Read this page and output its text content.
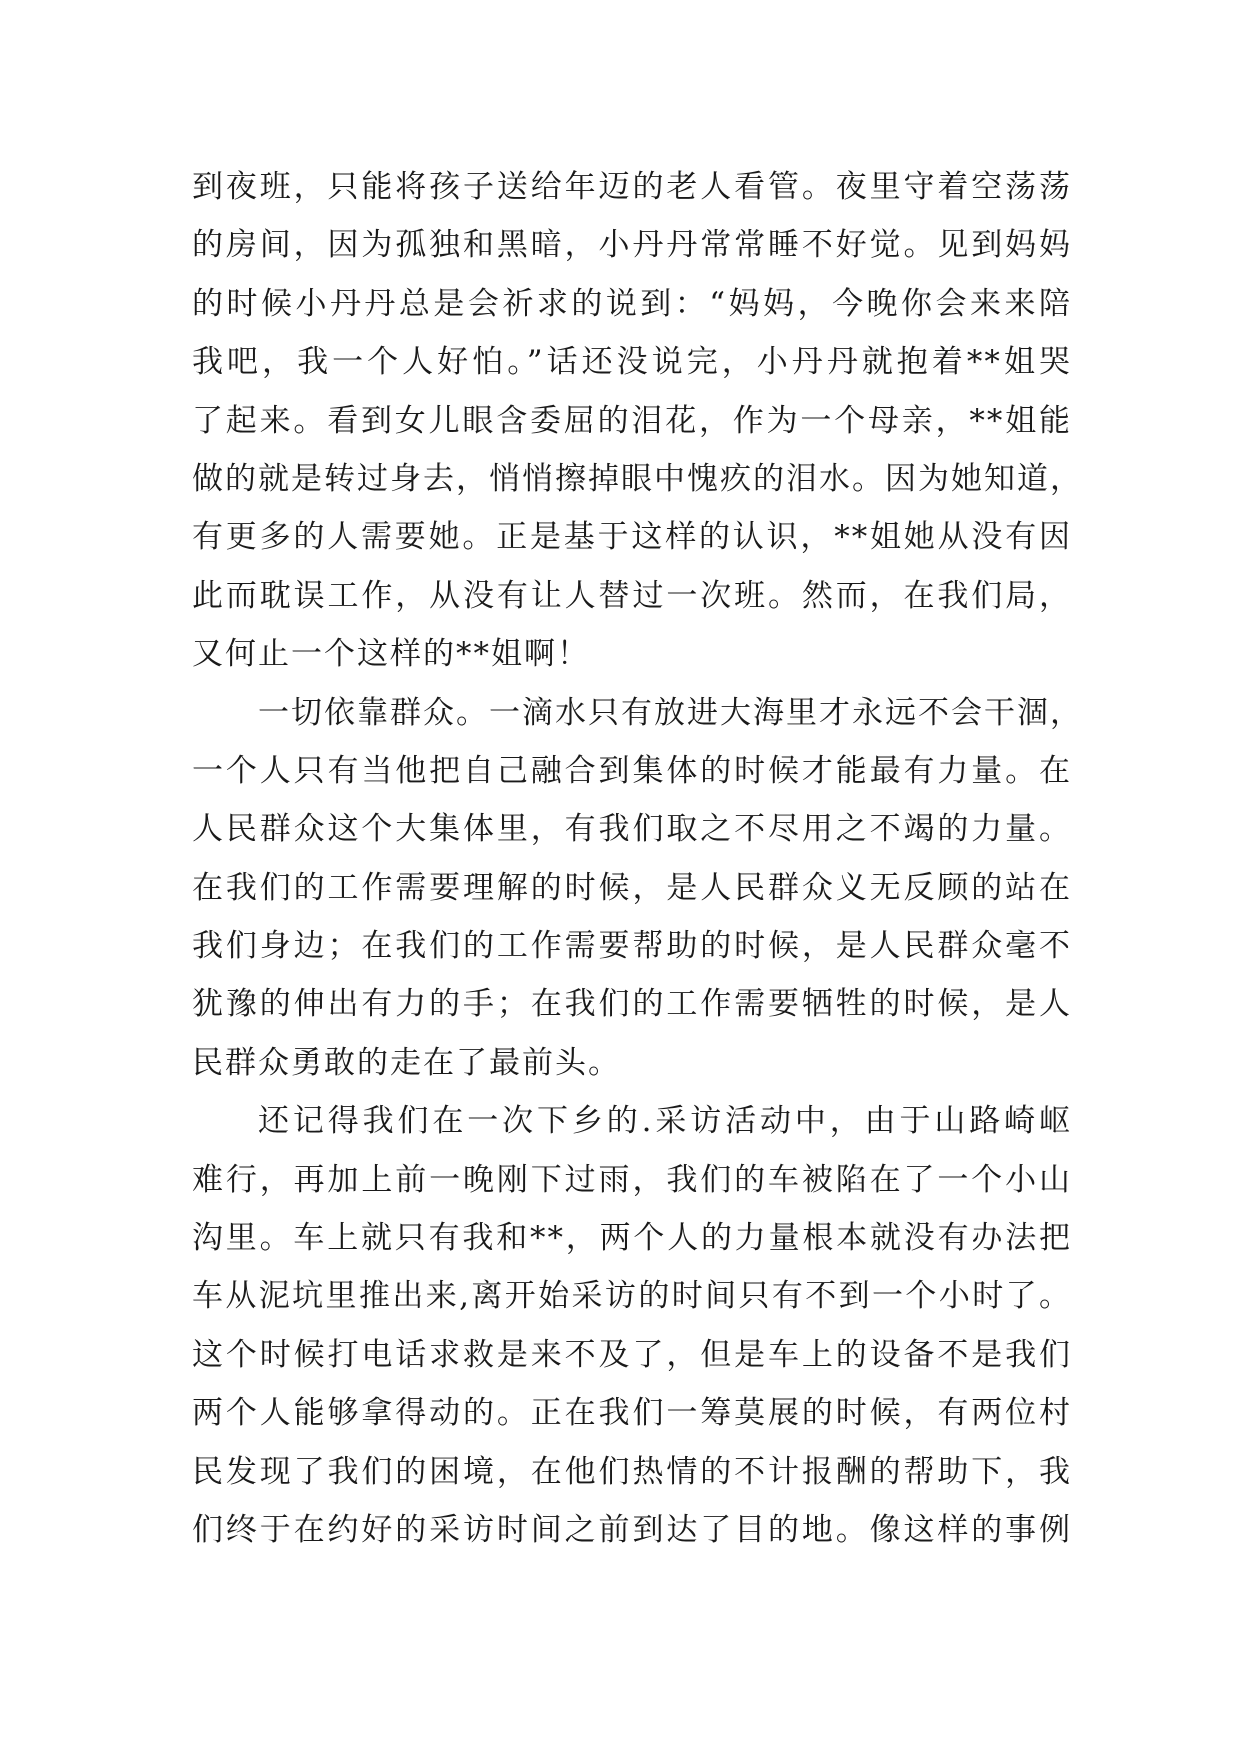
到夜班，只能将孩子送给年迈的老人看管。夜里守着空荡荡
的房间，因为孤独和黑暗，小丹丹常常睡不好觉。见到妈妈
的时候小丹丹总是会祈求的说到：“妈妈，今晚你会来来陪
我吧，我一个人好怕。”话还没说完，小丹丹就抱着**姐哭
了起来。看到女儿眼含委屈的泪花，作为一个母亲，**姐能
做的就是转过身去，悄悄擦掉眼中愧疚的泪水。因为她知道，
有更多的人需要她。正是基于这样的认识，**姐她从没有因
此而耽误工作，从没有让人替过一次班。然而，在我们局，
又何止一个这样的**姐啊！
一切依靠群众。一滴水只有放进大海里才永远不会干涸，
一个人只有当他把自己融合到集体的时候才能最有力量。在
人民群众这个大集体里，有我们取之不尽用之不竭的力量。
在我们的工作需要理解的时候，是人民群众义无反顾的站在
我们身边；在我们的工作需要帮助的时候，是人民群众毫不
犹豫的伸出有力的手；在我们的工作需要牺牲的时候，是人
民群众勇敢的走在了最前头。
还记得我们在一次下乡的.采访活动中，由于山路崎岖
难行，再加上前一晚刚下过雨，我们的车被陷在了一个小山
沟里。车上就只有我和**，两个人的力量根本就没有办法把
车从泥坑里推出来,离开始采访的时间只有不到一个小时了。
这个时候打电话求救是来不及了，但是车上的设备不是我们
两个人能够拿得动的。正在我们一筹莫展的时候，有两位村
民发现了我们的困境，在他们热情的不计报酬的帮助下，我
们终于在约好的采访时间之前到达了目的地。像这样的事例
